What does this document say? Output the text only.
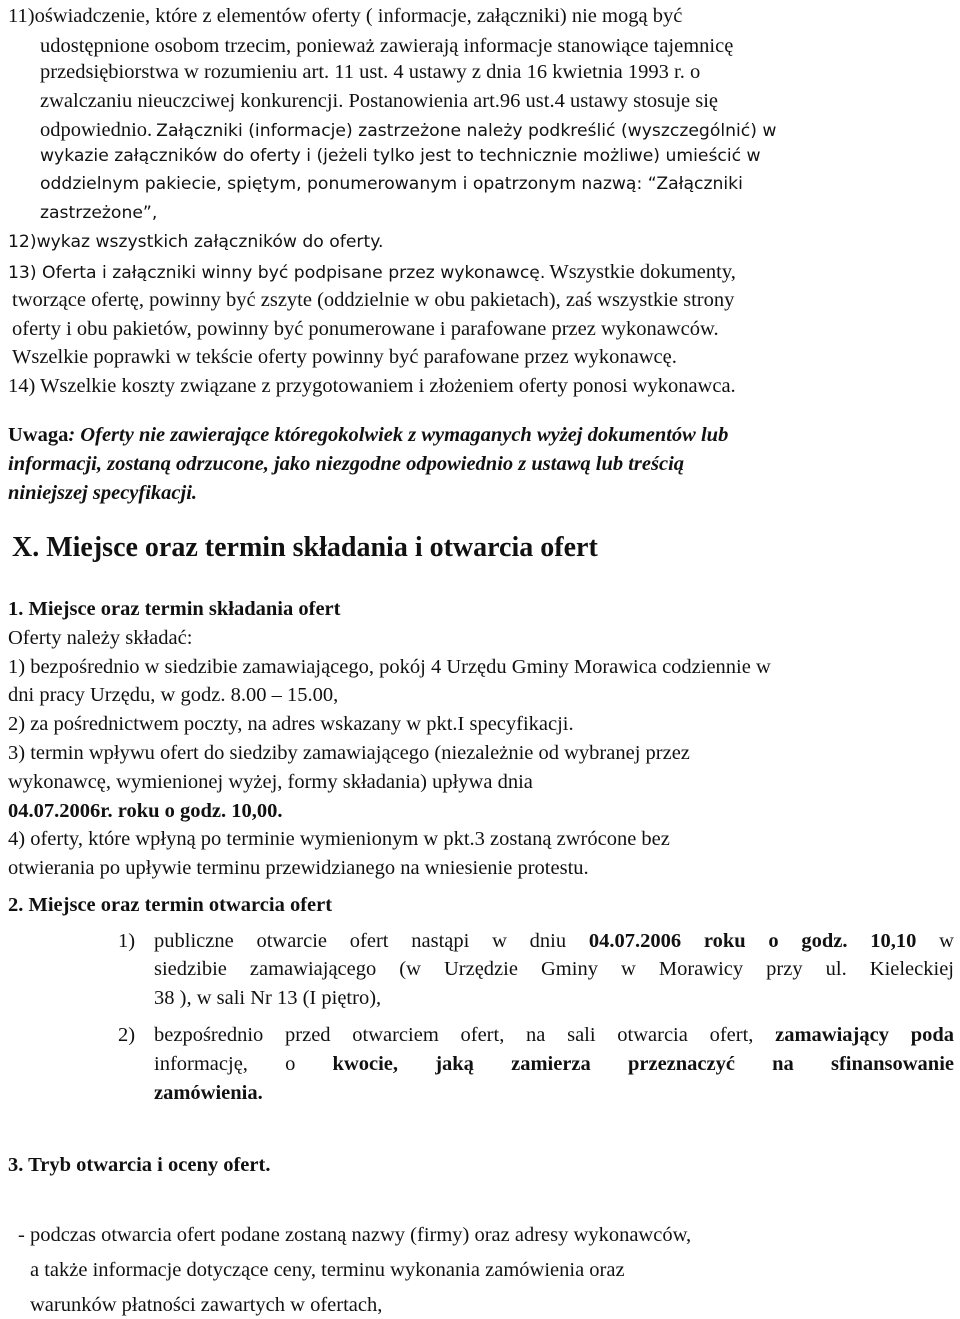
11)oświadczenie, które z elementów oferty ( informacje, załączniki) nie mogą być
udostępnione osobom trzecim, ponieważ zawierają informacje stanowiące tajemnicę
przedsiębiorstwa w rozumieniu art. 11 ust. 4 ustawy z dnia 16 kwietnia 1993 r. o
zwalczaniu nieuczciwej konkurencji. Postanowienia art.96 ust.4 ustawy stosuje się
odpowiednio. Załączniki (informacje) zastrzeżone należy podkreślić (wyszczególnić) w
wykazie załączników do oferty i (jeżeli tylko jest to technicznie możliwe) umieścić w
oddzielnym pakiecie, spiętym, ponumerowanym i opatrzonym nazwą: “Załączniki
zastrzeżone”,
12)wykaz wszystkich załączników do oferty.
13) Oferta i załączniki winny być podpisane przez wykonawcę. Wszystkie dokumenty,
tworzące ofertę, powinny być zszyte (oddzielnie w obu pakietach), zaś wszystkie strony
oferty i obu pakietów, powinny być ponumerowane i parafowane przez wykonawców.
Wszelkie poprawki w tekście oferty powinny być parafowane przez wykonawcę.
14) Wszelkie koszty związane z przygotowaniem i złożeniem oferty ponosi wykonawca.
Uwaga: Oferty nie zawierające któregokolwiek z wymaganych wyżej dokumentów lub
informacji, zostaną odrzucone, jako niezgodne odpowiednio z ustawą lub treścią
niniejszej specyfikacji.
X. Miejsce oraz termin składania i otwarcia ofert
1. Miejsce oraz termin składania ofert
Oferty należy składać:
1) bezpośrednio w siedzibie zamawiającego, pokój 4 Urzędu Gminy Morawica codziennie w
dni pracy Urzędu, w godz. 8.00 – 15.00,
2) za pośrednictwem poczty, na adres wskazany w pkt.I specyfikacji.
3) termin wpływu ofert do siedziby zamawiającego (niezależnie od wybranej przez
wykonawcę, wymienionej wyżej, formy składania) upływa dnia
04.07.2006r. roku o godz. 10,00.
4) oferty, które wpłyną po terminie wymienionym w pkt.3 zostaną zwrócone bez
otwierania po upływie terminu przewidzianego na wniesienie protestu.
2. Miejsce oraz termin otwarcia ofert
1) publiczne otwarcie ofert nastąpi w dniu 04.07.2006 roku o godz. 10,10 w
siedzibie zamawiającego (w Urzędzie Gminy w Morawicy przy ul. Kieleckiej
38 ), w sali Nr 13 (I piętro),
2) bezpośrednio przed otwarciem ofert, na sali otwarcia ofert, zamawiający poda
informację, o kwocie, jaką zamierza przeznaczyć na sfinansowanie
zamówienia.
3. Tryb otwarcia i oceny ofert.
- podczas otwarcia ofert podane zostaną nazwy (firmy) oraz adresy wykonawców,
a także informacje dotyczące ceny, terminu wykonania zamówienia oraz
warunków płatności zawartych w ofertach,
